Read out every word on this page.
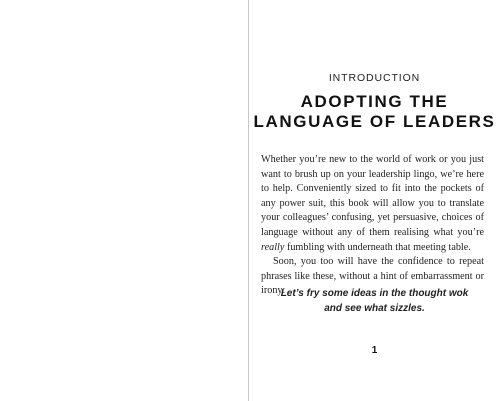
INTRODUCTION
ADOPTING THE
LANGUAGE OF LEADERS

Whether you’re new to the world of work or you just want to brush up on your leadership lingo, we’re here to help. Conveniently sized to fit into the pockets of any power suit, this book will allow you to translate your colleagues’ confusing, yet persuasive, choices of language without any of them realising what you’re really fumbling with underneath that meeting table.

Soon, you too will have the confidence to repeat phrases like these, without a hint of embarrassment or irony:

Let’s fry some ideas in the thought wok
and see what sizzles.
1
